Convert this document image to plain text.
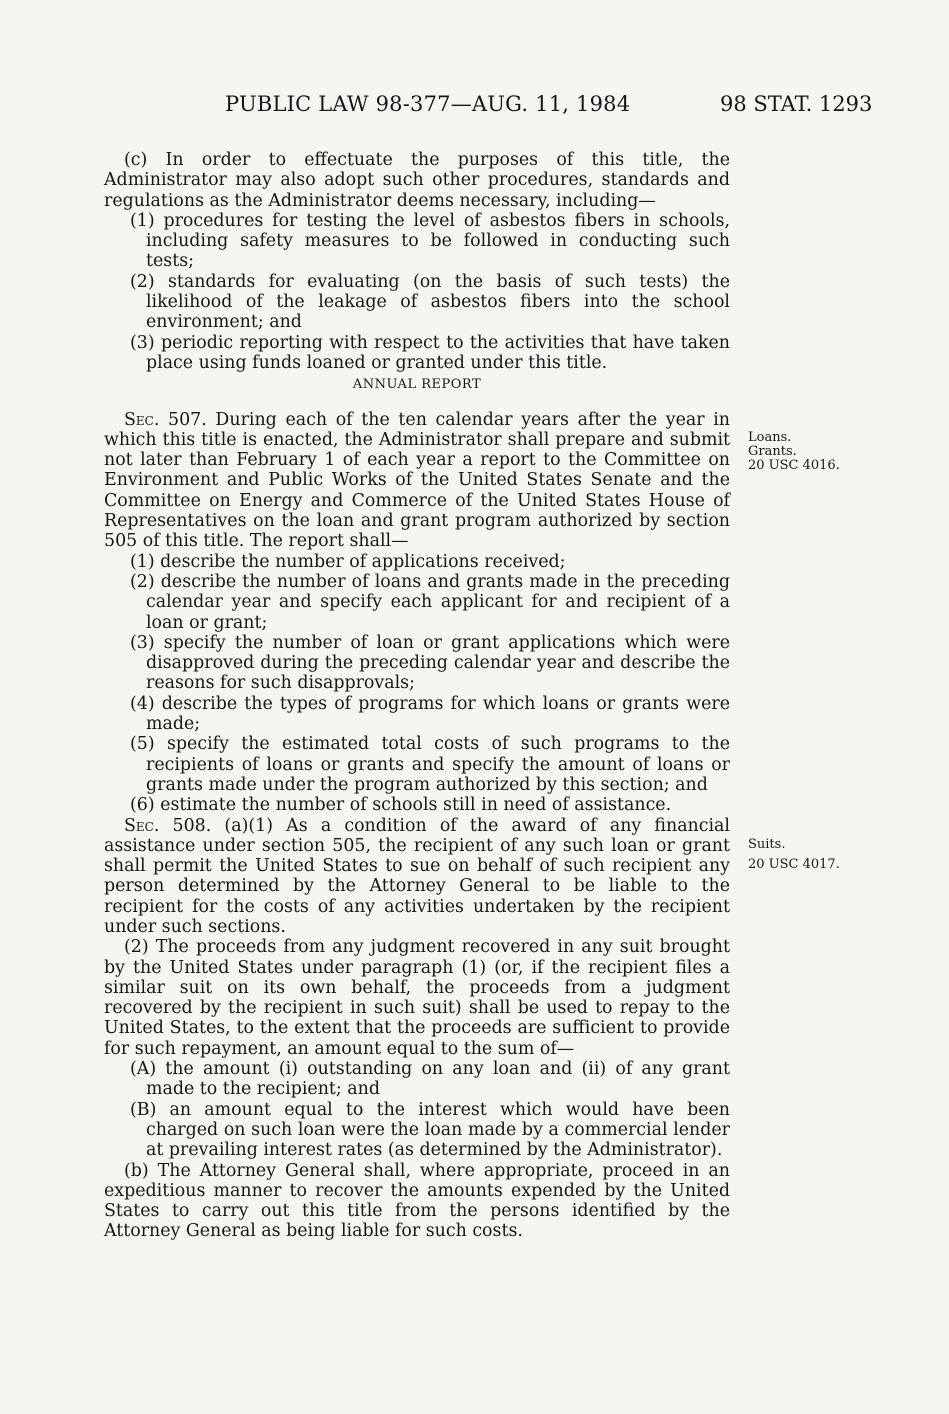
PUBLIC LAW 98-377—AUG. 11, 1984	98 STAT. 1293

(c) In order to effectuate the purposes of this title, the Administrator may also adopt such other procedures, standards and regulations as the Administrator deems necessary, including—

(1) procedures for testing the level of asbestos fibers in schools, including safety measures to be followed in conducting such tests;

(2) standards for evaluating (on the basis of such tests) the likelihood of the leakage of asbestos fibers into the school environment; and

(3) periodic reporting with respect to the activities that have taken place using funds loaned or granted under this title.

ANNUAL REPORT

Sec. 507. During each of the ten calendar years after the year in which this title is enacted, the Administrator shall prepare and submit not later than February 1 of each year a report to the Committee on Environment and Public Works of the United States Senate and the Committee on Energy and Commerce of the United States House of Representatives on the loan and grant program authorized by section 505 of this title. The report shall—

(1) describe the number of applications received;

(2) describe the number of loans and grants made in the preceding calendar year and specify each applicant for and recipient of a loan or grant;

(3) specify the number of loan or grant applications which were disapproved during the preceding calendar year and describe the reasons for such disapprovals;

(4) describe the types of programs for which loans or grants were made;

(5) specify the estimated total costs of such programs to the recipients of loans or grants and specify the amount of loans or grants made under the program authorized by this section; and

(6) estimate the number of schools still in need of assistance.

Sec. 508. (a)(1) As a condition of the award of any financial assistance under section 505, the recipient of any such loan or grant shall permit the United States to sue on behalf of such recipient any person determined by the Attorney General to be liable to the recipient for the costs of any activities undertaken by the recipient under such sections.

(2) The proceeds from any judgment recovered in any suit brought by the United States under paragraph (1) (or, if the recipient files a similar suit on its own behalf, the proceeds from a judgment recovered by the recipient in such suit) shall be used to repay to the United States, to the extent that the proceeds are sufficient to provide for such repayment, an amount equal to the sum of—

(A) the amount (i) outstanding on any loan and (ii) of any grant made to the recipient; and

(B) an amount equal to the interest which would have been charged on such loan were the loan made by a commercial lender at prevailing interest rates (as determined by the Administrator).

(b) The Attorney General shall, where appropriate, proceed in an expeditious manner to recover the amounts expended by the United States to carry out this title from the persons identified by the Attorney General as being liable for such costs.

Loans.
Grants.
20 USC 4016.
Suits.
20 USC 4017.
